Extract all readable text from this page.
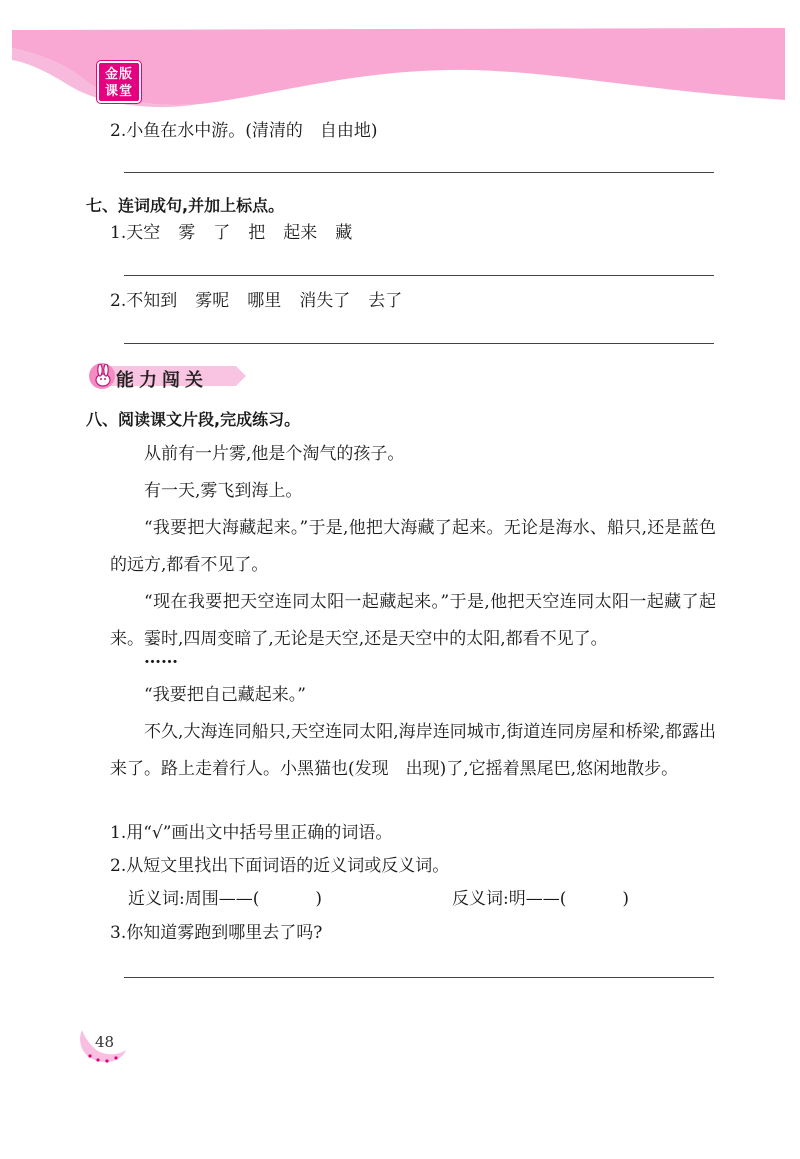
金版
课堂
2.小鱼在水中游。(清清的　自由地)
七、连词成句,并加上标点。
1.天空 雾 了 把 起来 藏
2.不知到 雾呢 哪里 消失了 去了
能力闯关
八、阅读课文片段,完成练习。

从前有一片雾,他是个淘气的孩子。

有一天,雾飞到海上。

“我要把大海藏起来。”于是,他把大海藏了起来。无论是海水、船只,还是蓝色的远方,都看不见了。

“现在我要把天空连同太阳一起藏起来。”于是,他把天空连同太阳一起藏了起来。霎时,四周变暗了,无论是天空,还是天空中的太阳,都看不见了。

……

“我要把自己藏起来。”

不久,大海连同船只,天空连同太阳,海岸连同城市,街道连同房屋和桥梁,都露出来了。路上走着行人。小黑猫也(发现　出现)了,它摇着黑尾巴,悠闲地散步。

1.用“√”画出文中括号里正确的词语。
2.从短文里找出下面词语的近义词或反义词。
近义词:周围——(	)	反义词:明——(	)
3.你知道雾跑到哪里去了吗?
48
